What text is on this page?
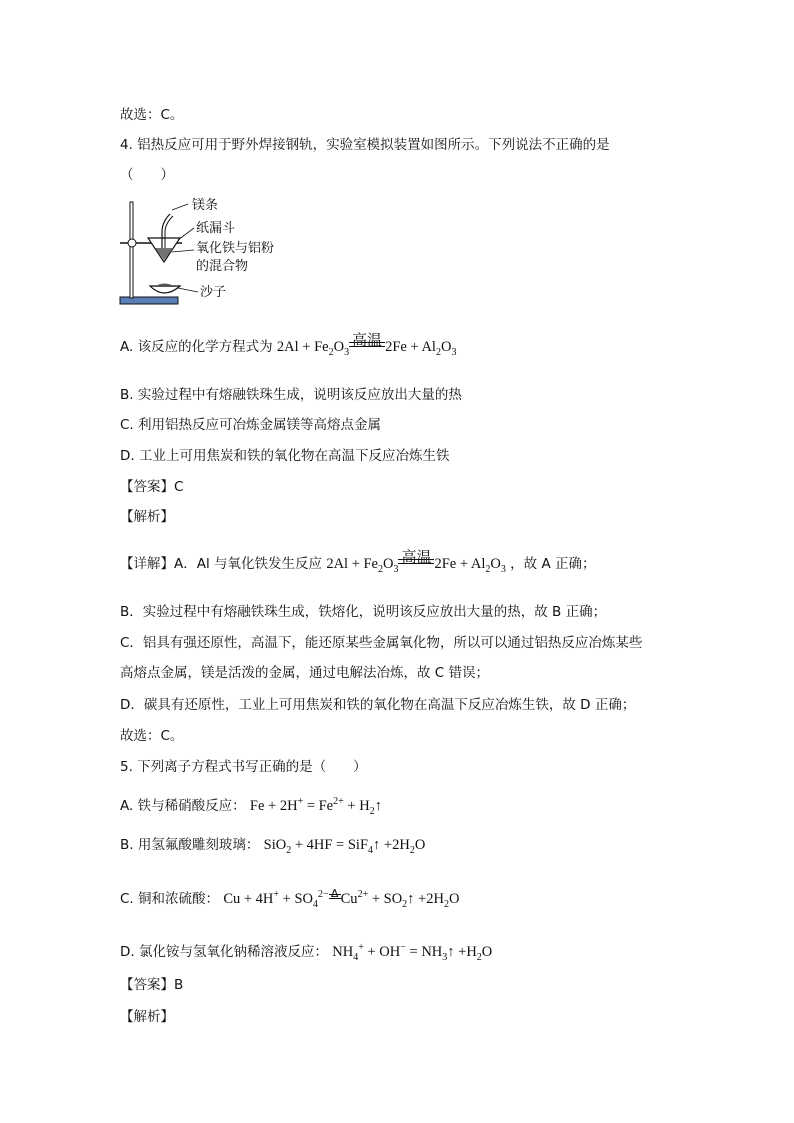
故选：C。
4. 铝热反应可用于野外焊接钢轨，实验室模拟装置如图所示。下列说法不正确的是
（　　）
镁条
纸漏斗
氧化铁与铝粉
的混合物
沙子
A. 该反应的化学方程式为 $2Al + Fe_2O_3$
高温 $2Fe + Al_2O_3$
B. 实验过程中有熔融铁珠生成，说明该反应放出大量的热
C. 利用铝热反应可冶炼金属镁等高熔点金属
D. 工业上可用焦炭和铁的氧化物在高温下反应冶炼生铁
【答案】C
【解析】
【详解】A．Al 与氧化铁发生反应 $2Al + Fe_2O_3$
高温 $2Fe + Al_2O_3$ ，故 A 正确；
B．实验过程中有熔融铁珠生成，铁熔化，说明该反应放出大量的热，故 B 正确；
C．铝具有强还原性，高温下，能还原某些金属氧化物，所以可以通过铝热反应冶炼某些
高熔点金属，镁是活泼的金属，通过电解法冶炼，故 C 错误；
D．碳具有还原性，工业上可用焦炭和铁的氧化物在高温下反应冶炼生铁，故 D 正确；
故选：C。
5. 下列离子方程式书写正确的是（　　）
A. 铁与稀硝酸反应： $Fe + 2H^+ = Fe^{2+}$ + $H_2↑$
B. 用氢氟酸雕刻玻璃： SiO$_2$ + 4HF = SiF$_4$↑ $+2H_2O$
C. 铜和浓硫酸： $Cu + 4H^+ + SO_4^{2-}$ Δ $Cu^{2+}$ + $SO_2↑ +2H_2O$
D. 氯化铵与氢氧化钠稀溶液反应： $NH_4^+ + OH^-$ = $NH_3↑ +H_2O$
【答案】B
【解析】
